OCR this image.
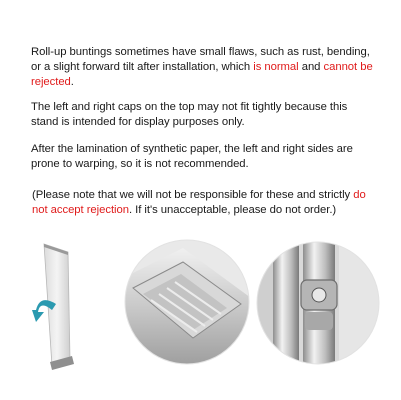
Roll-up buntings sometimes have small flaws, such as rust, bending, or a slight forward tilt after installation, which is normal and cannot be rejected.
The left and right caps on the top may not fit tightly because this stand is intended for display purposes only.
After the lamination of synthetic paper, the left and right sides are prone to warping, so it is not recommended.
(Please note that we will not be responsible for these and strictly do not accept rejection. If it's unacceptable, please do not order.)
